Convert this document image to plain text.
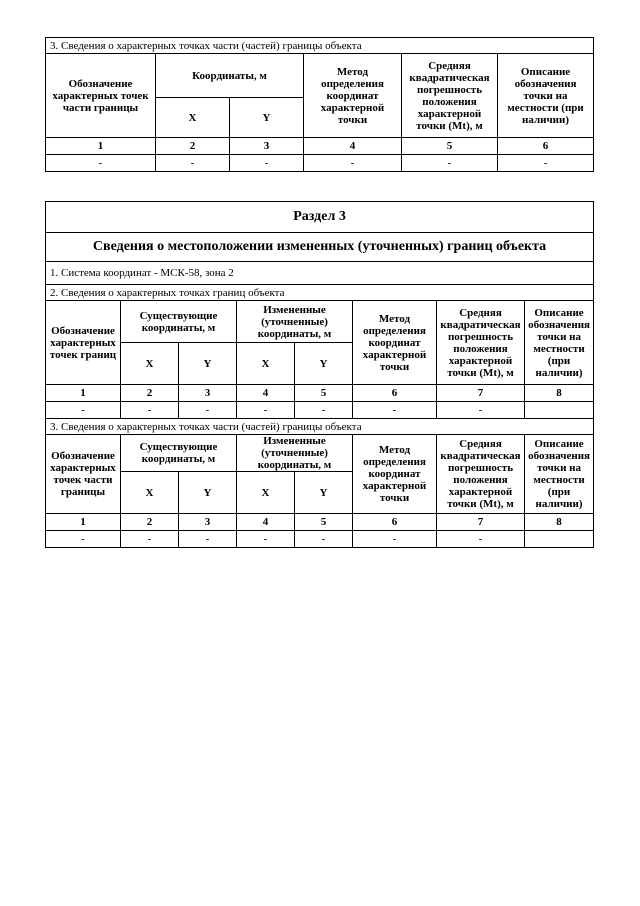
3. Сведения о характерных точках части (частей) границы объекта					
Обозначение характерных точек части границы	Координаты, м		Метод определения координат характерной точки	Средняя квадратическая погрешность положения характерной точки (Mt), м	Описание обозначения точки на местности (при наличии)
	X	Y			
1	2	3	4	5	6
-	-	-	-	-	-
Раздел 3							
Сведения о местоположении измененных (уточненных) границ объекта							
1. Система координат - МСК-58, зона 2							
2. Сведения о характерных точках границ объекта							
Обозначение характерных точек границ	Существующие координаты, м		Измененные (уточненные) координаты, м		Метод определения координат характерной точки	Средняя квадратическая погрешность положения характерной точки (Mt), м	Описание обозначения точки на местности (при наличии)
	X	Y	X	Y			
1	2	3	4	5	6	7	8
-	-	-	-	-	-	-	
3. Сведения о характерных точках части (частей) границы объекта							
Обозначение характерных точек части границы	Существующие координаты, м		Измененные (уточненные) координаты, м		Метод определения координат характерной точки	Средняя квадратическая погрешность положения характерной точки (Mt), м	Описание обозначения точки на местности (при наличии)
	X	Y	X	Y			
1	2	3	4	5	6	7	8
-	-	-	-	-	-	-	
